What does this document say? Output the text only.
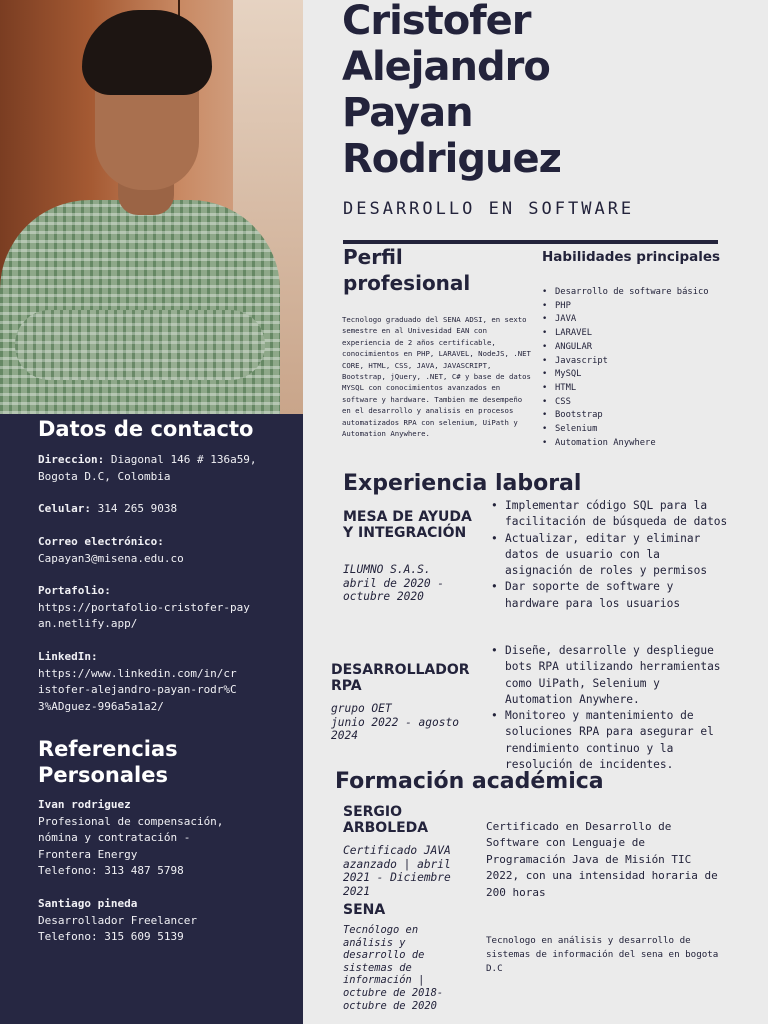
Datos de contacto
Direccion: Diagonal 146 # 136a59, Bogota D.C, Colombia
Celular: 314 265 9038
Correo electrónico:
Capayan3@misena.edu.co
Portafolio:
https://portafolio-cristofer-payan.netlify.app/
LinkedIn:
https://www.linkedin.com/in/cristofer-alejandro-payan-rodr%C3%ADguez-996a5a1a2/
Referencias Personales
Ivan rodriguez
Profesional de compensación, nómina y contratación - Frontera Energy
Telefono: 313 487 5798
Santiago pineda
Desarrollador Freelancer
Telefono: 315 609 5139
Cristofer
Alejandro
Payan
Rodriguez
DESARROLLO EN SOFTWARE
Perfil profesional
Tecnologo graduado del SENA ADSI, en sexto semestre en al Univesidad EAN con experiencia de 2 años certificable, conocimientos en PHP, LARAVEL, NodeJS, .NET CORE, HTML, CSS, JAVA, JAVASCRIPT, Bootstrap, jQuery, .NET, C# y base de datos MYSQL con conocimientos avanzados en software y hardware. Tambien me desempeño en el desarrollo y analisis en procesos automatizados RPA con selenium, UiPath y Automation Anywhere.
Habilidades principales
• Desarrollo de software básico
• PHP
• JAVA
• LARAVEL
• ANGULAR
• Javascript
• MySQL
• HTML
• CSS
• Bootstrap
• Selenium
• Automation Anywhere
Experiencia laboral
MESA DE AYUDA Y INTEGRACIÓN
ILUMNO S.A.S.
abril de 2020 - octubre 2020
• Implementar código SQL para la facilitación de búsqueda de datos
• Actualizar, editar y eliminar datos de usuario con la asignación de roles y permisos
• Dar soporte de software y hardware para los usuarios
DESARROLLADOR RPA
grupo OET
junio 2022 - agosto 2024
• Diseñe, desarrolle y despliegue bots RPA utilizando herramientas como UiPath, Selenium y Automation Anywhere.
• Monitoreo y mantenimiento de soluciones RPA para asegurar el rendimiento continuo y la resolución de incidentes.
Formación académica
SERGIO ARBOLEDA
Certificado JAVA azanzado | abril 2021 - Diciembre 2021
Certificado en Desarrollo de Software con Lenguaje de Programación Java de Misión TIC 2022, con una intensidad horaria de 200 horas
SENA
Tecnólogo en análisis y desarrollo de sistemas de información | octubre de 2018- octubre de 2020
Tecnologo en análisis y desarrollo de sistemas de información del sena en bogota D.C
